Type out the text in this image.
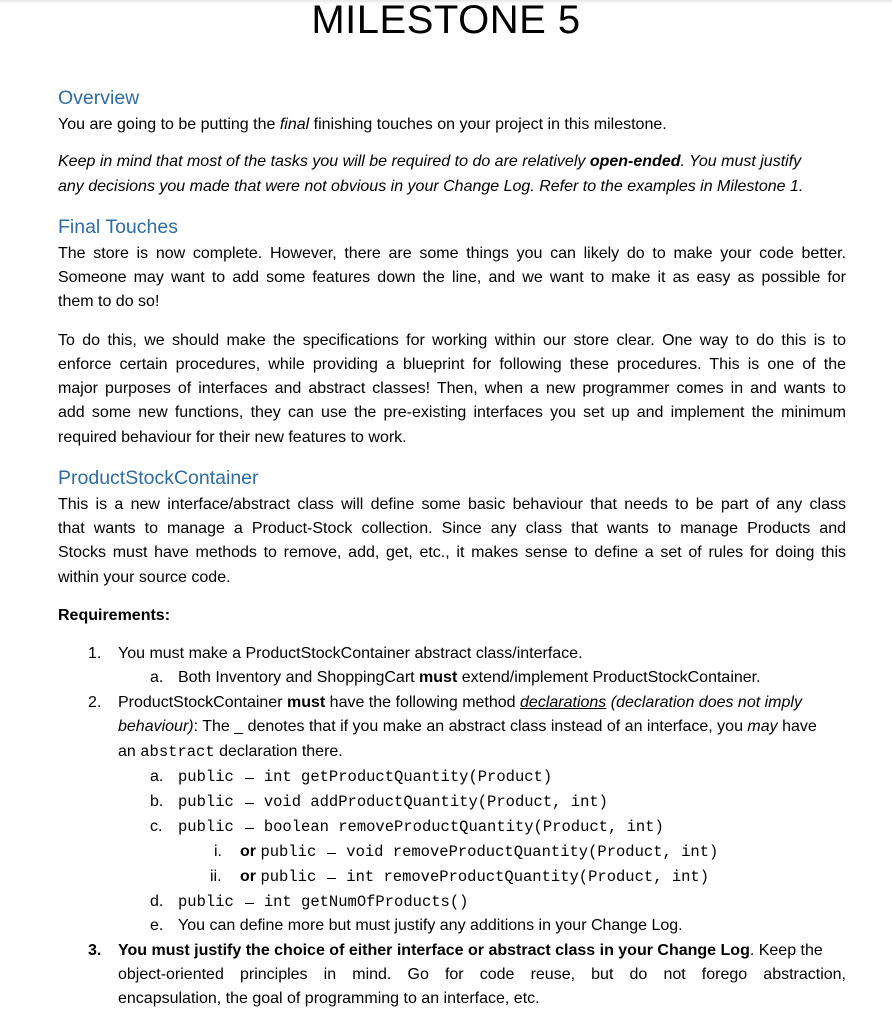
MILESTONE 5
Overview
You are going to be putting the final finishing touches on your project in this milestone.
Keep in mind that most of the tasks you will be required to do are relatively open-ended. You must justify
any decisions you made that were not obvious in your Change Log. Refer to the examples in Milestone 1.
Final Touches
The store is now complete. However, there are some things you can likely do to make your code better.
Someone may want to add some features down the line, and we want to make it as easy as possible for
them to do so!
To do this, we should make the specifications for working within our store clear. One way to do this is to
enforce certain procedures, while providing a blueprint for following these procedures. This is one of the
major purposes of interfaces and abstract classes! Then, when a new programmer comes in and wants to
add some new functions, they can use the pre-existing interfaces you set up and implement the minimum
required behaviour for their new features to work.
ProductStockContainer
This is a new interface/abstract class will define some basic behaviour that needs to be part of any class
that wants to manage a Product-Stock collection. Since any class that wants to manage Products and
Stocks must have methods to remove, add, get, etc., it makes sense to define a set of rules for doing this
within your source code.
Requirements:
1. You must make a ProductStockContainer abstract class/interface.
a. Both Inventory and ShoppingCart must extend/implement ProductStockContainer.
2. ProductStockContainer must have the following method declarations (declaration does not imply
behaviour): The _ denotes that if you make an abstract class instead of an interface, you may have
an abstract declaration there.
a. public int getProductQuantity(Product)
b. public void addProductQuantity(Product, int)
c. public boolean removeProductQuantity(Product, int)
i. or public void removeProductQuantity(Product, int)
ii. or public int removeProductQuantity(Product, int)
d. public int getNumOfProducts()
e. You can define more but must justify any additions in your Change Log.
3. You must justify the choice of either interface or abstract class in your Change Log. Keep the
object-oriented principles in mind. Go for code reuse, but do not forego abstraction,
encapsulation, the goal of programming to an interface, etc.
